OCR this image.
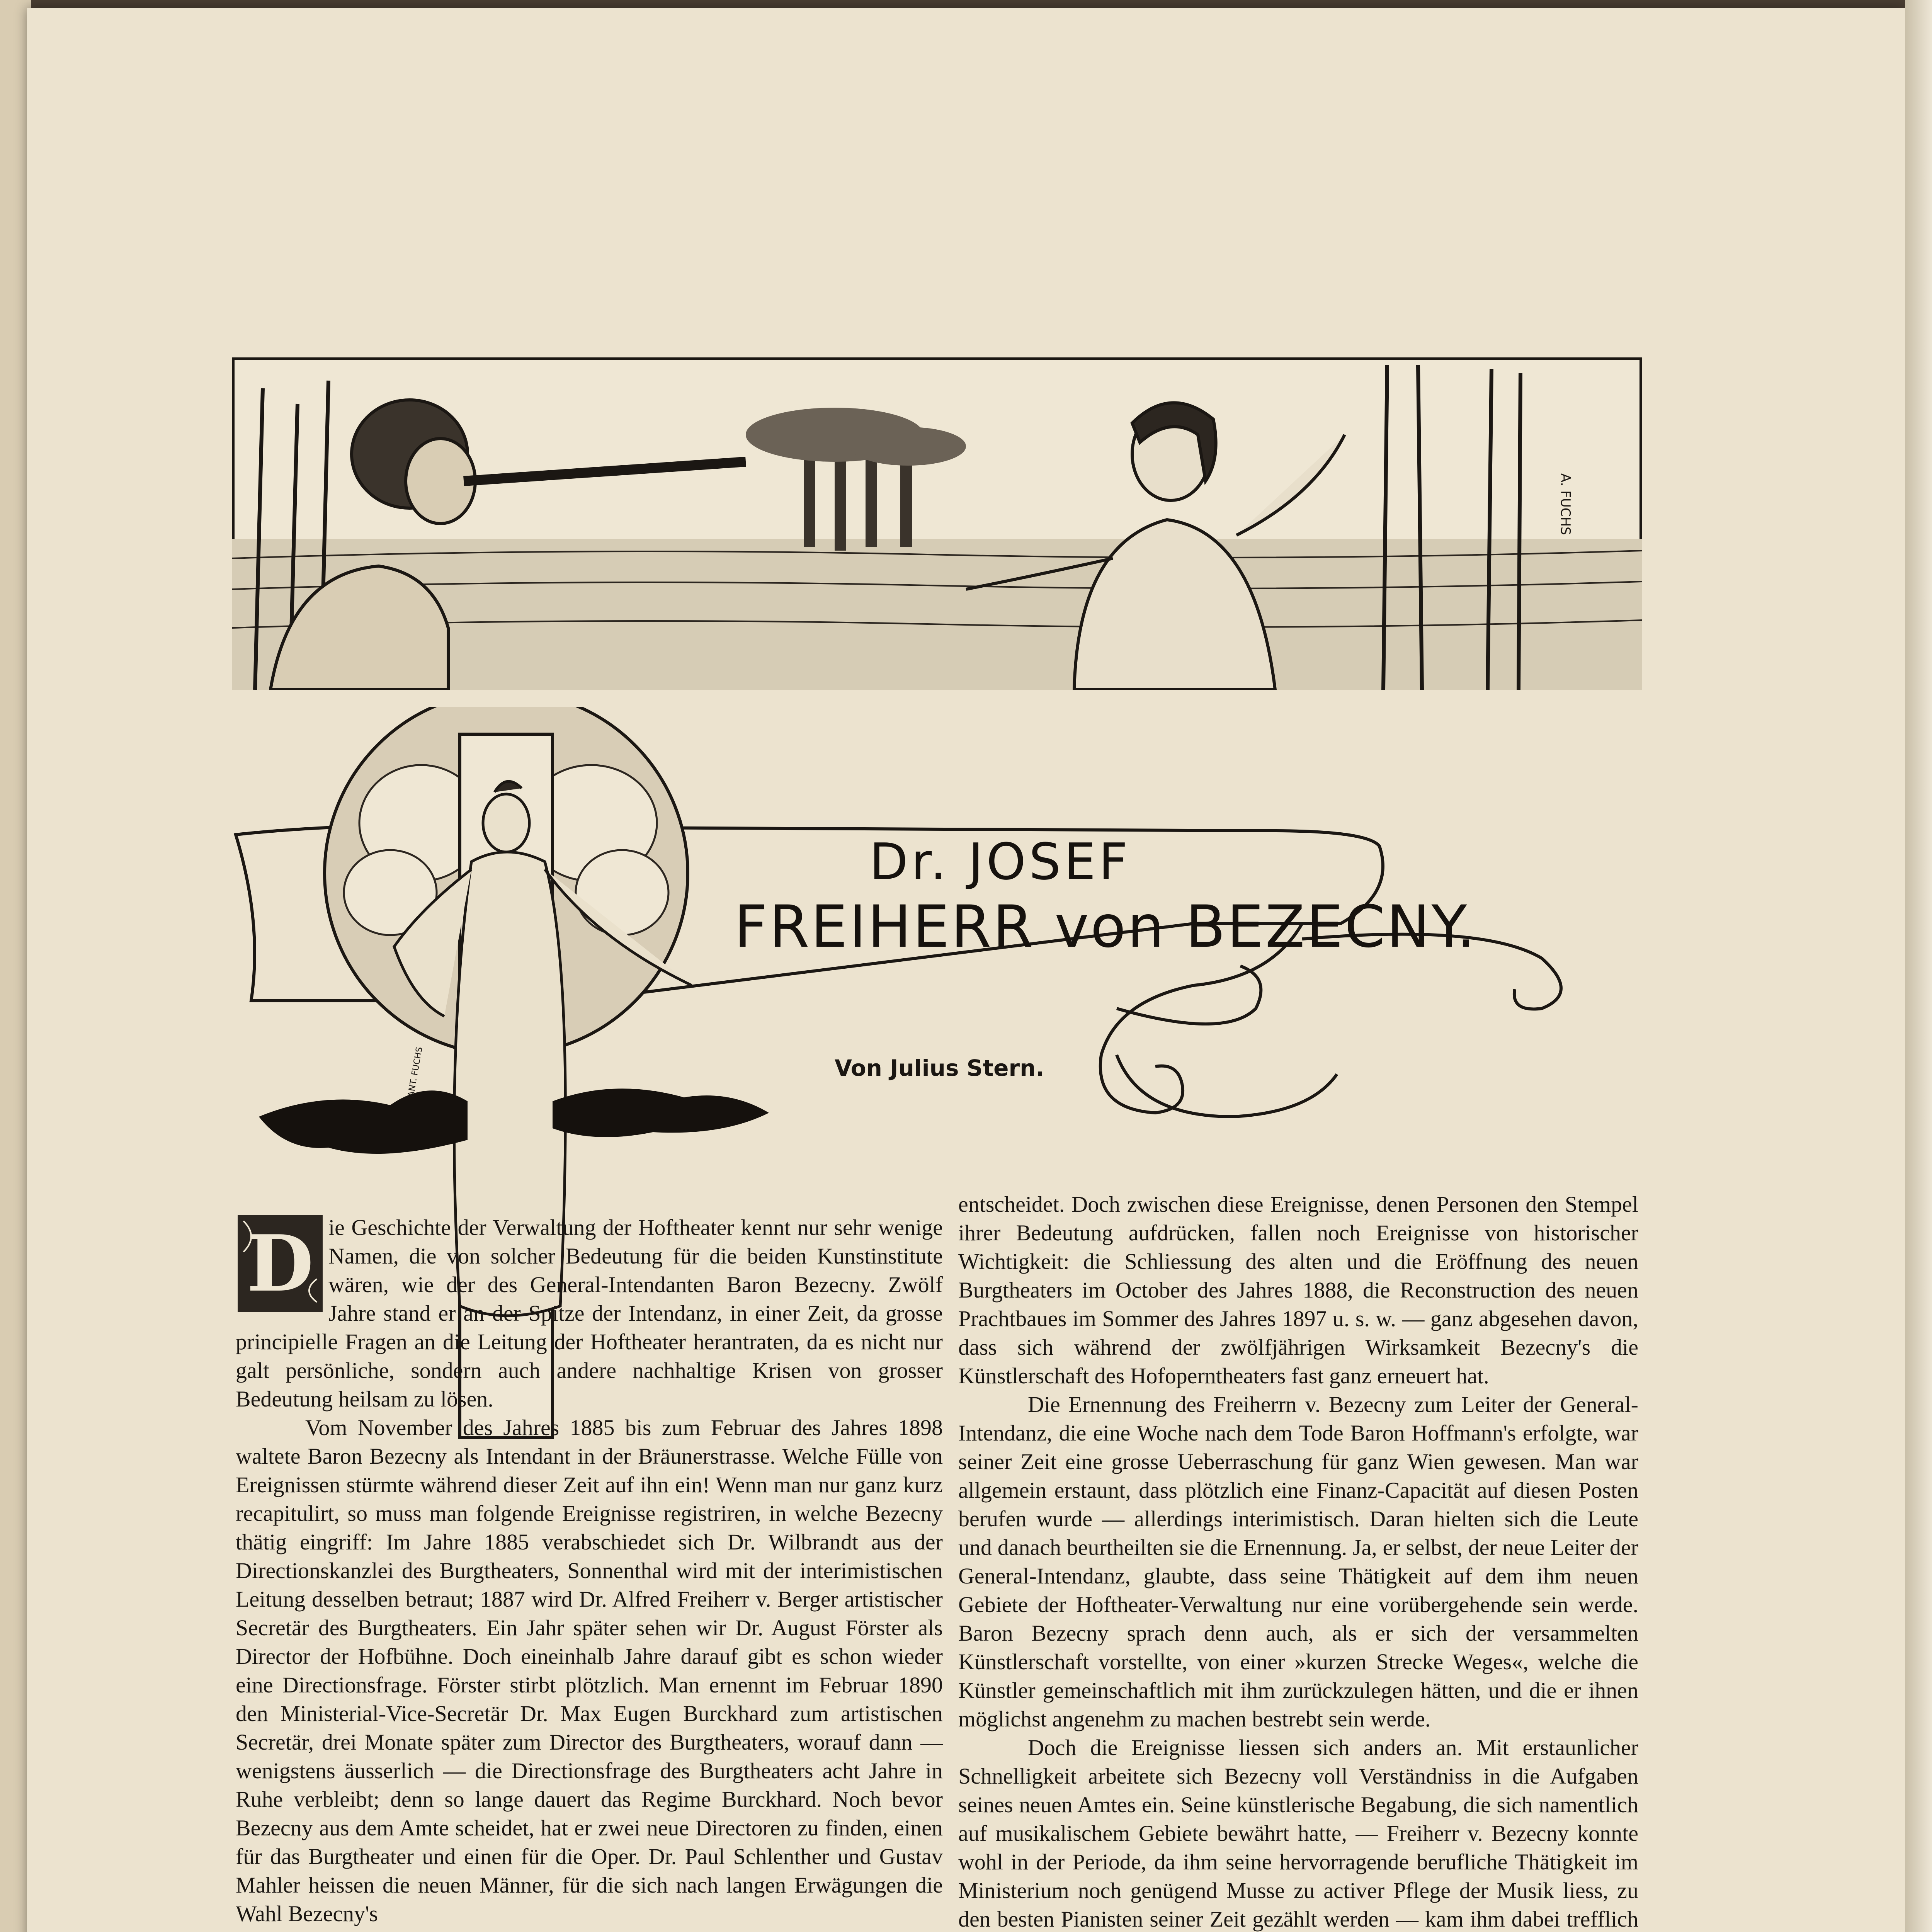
A. FUCHS
ANT. FUCHS
Dr. JOSEF
FREIHERR von BEZECNY.
Von Julius Stern.
D ie Geschichte der Verwaltung der Hoftheater kennt nur sehr wenige Namen, die von solcher Bedeutung für die beiden Kunstinstitute wären, wie der des General-Intendanten Baron Bezecny. Zwölf Jahre stand er an der Spitze der Intendanz, in einer Zeit, da grosse principielle Fragen an die Leitung der Hoftheater herantraten, da es nicht nur galt persönliche, sondern auch andere nachhaltige Krisen von grosser Bedeutung heilsam zu lösen.

Vom November des Jahres 1885 bis zum Februar des Jahres 1898 waltete Baron Bezecny als Intendant in der Bräunerstrasse. Welche Fülle von Ereignissen stürmte während dieser Zeit auf ihn ein! Wenn man nur ganz kurz recapitulirt, so muss man folgende Ereignisse registriren, in welche Bezecny thätig eingriff: Im Jahre 1885 verabschiedet sich Dr. Wilbrandt aus der Directionskanzlei des Burgtheaters, Sonnenthal wird mit der interimistischen Leitung desselben betraut; 1887 wird Dr. Alfred Freiherr v. Berger artistischer Secretär des Burgtheaters. Ein Jahr später sehen wir Dr. August Förster als Director der Hofbühne. Doch eineinhalb Jahre darauf gibt es schon wieder eine Directionsfrage. Förster stirbt plötzlich. Man ernennt im Februar 1890 den Ministerial-Vice-Secretär Dr. Max Eugen Burckhard zum artistischen Secretär, drei Monate später zum Director des Burgtheaters, worauf dann — wenigstens äusserlich — die Directionsfrage des Burgtheaters acht Jahre in Ruhe verbleibt; denn so lange dauert das Regime Burckhard. Noch bevor Bezecny aus dem Amte scheidet, hat er zwei neue Directoren zu finden, einen für das Burgtheater und einen für die Oper. Dr. Paul Schlenther und Gustav Mahler heissen die neuen Männer, für die sich nach langen Erwägungen die Wahl Bezecny's

entscheidet. Doch zwischen diese Ereignisse, denen Personen den Stempel ihrer Bedeutung aufdrücken, fallen noch Ereignisse von historischer Wichtigkeit: die Schliessung des alten und die Eröffnung des neuen Burgtheaters im October des Jahres 1888, die Reconstruction des neuen Prachtbaues im Sommer des Jahres 1897 u. s. w. — ganz abgesehen davon, dass sich während der zwölfjährigen Wirksamkeit Bezecny's die Künstlerschaft des Hofoperntheaters fast ganz erneuert hat.

Die Ernennung des Freiherrn v. Bezecny zum Leiter der General-Intendanz, die eine Woche nach dem Tode Baron Hoffmann's erfolgte, war seiner Zeit eine grosse Ueberraschung für ganz Wien gewesen. Man war allgemein erstaunt, dass plötzlich eine Finanz-Capacität auf diesen Posten berufen wurde — allerdings interimistisch. Daran hielten sich die Leute und danach beurtheilten sie die Ernennung. Ja, er selbst, der neue Leiter der General-Intendanz, glaubte, dass seine Thätigkeit auf dem ihm neuen Gebiete der Hoftheater-Verwaltung nur eine vorübergehende sein werde. Baron Bezecny sprach denn auch, als er sich der versammelten Künstlerschaft vorstellte, von einer »kurzen Strecke Weges«, welche die Künstler gemeinschaftlich mit ihm zurückzulegen hätten, und die er ihnen möglichst angenehm zu machen bestrebt sein werde.

Doch die Ereignisse liessen sich anders an. Mit erstaunlicher Schnelligkeit arbeitete sich Bezecny voll Verständniss in die Aufgaben seines neuen Amtes ein. Seine künstlerische Begabung, die sich namentlich auf musikalischem Gebiete bewährt hatte, — Freiherr v. Bezecny konnte wohl in der Periode, da ihm seine hervorragende berufliche Thätigkeit im Ministerium noch genügend Musse zu activer Pflege der Musik liess, zu den besten Pianisten seiner Zeit gezählt werden — kam ihm dabei trefflich
